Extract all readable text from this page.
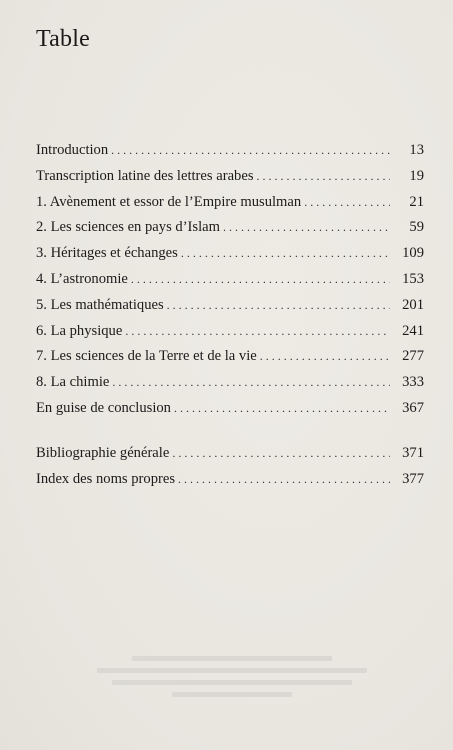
Table
Introduction . . .	13
Transcription latine des lettres arabes . . .	19
1. Avènement et essor de l’Empire musulman . . .	21
2. Les sciences en pays d’Islam . . .	59
3. Héritages et échanges . . .	109
4. L’astronomie . . .	153
5. Les mathématiques . . .	201
6. La physique . . .	241
7. Les sciences de la Terre et de la vie . . .	277
8. La chimie . . .	333
En guise de conclusion . . .	367
Bibliographie générale . . .	371
Index des noms propres . . .	377
